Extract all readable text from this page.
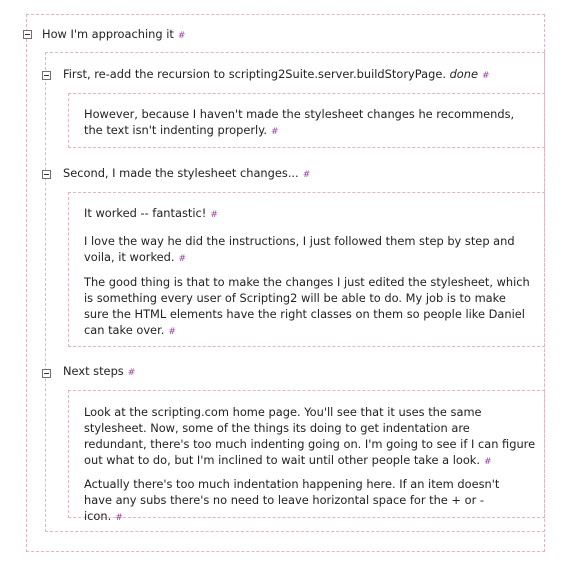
How I'm approaching it #
First, re-add the recursion to scripting2Suite.server.buildStoryPage. done #
However, because I haven't made the stylesheet changes he recommends, the text isn't indenting properly. #
Second, I made the stylesheet changes... #
It worked -- fantastic! #
I love the way he did the instructions, I just followed them step by step and voila, it worked. #
The good thing is that to make the changes I just edited the stylesheet, which is something every user of Scripting2 will be able to do. My job is to make sure the HTML elements have the right classes on them so people like Daniel can take over. #
Next steps #
Look at the scripting.com home page. You'll see that it uses the same stylesheet. Now, some of the things its doing to get indentation are redundant, there's too much indenting going on. I'm going to see if I can figure out what to do, but I'm inclined to wait until other people take a look. #
Actually there's too much indentation happening here. If an item doesn't have any subs there's no need to leave horizontal space for the + or - icon. #
